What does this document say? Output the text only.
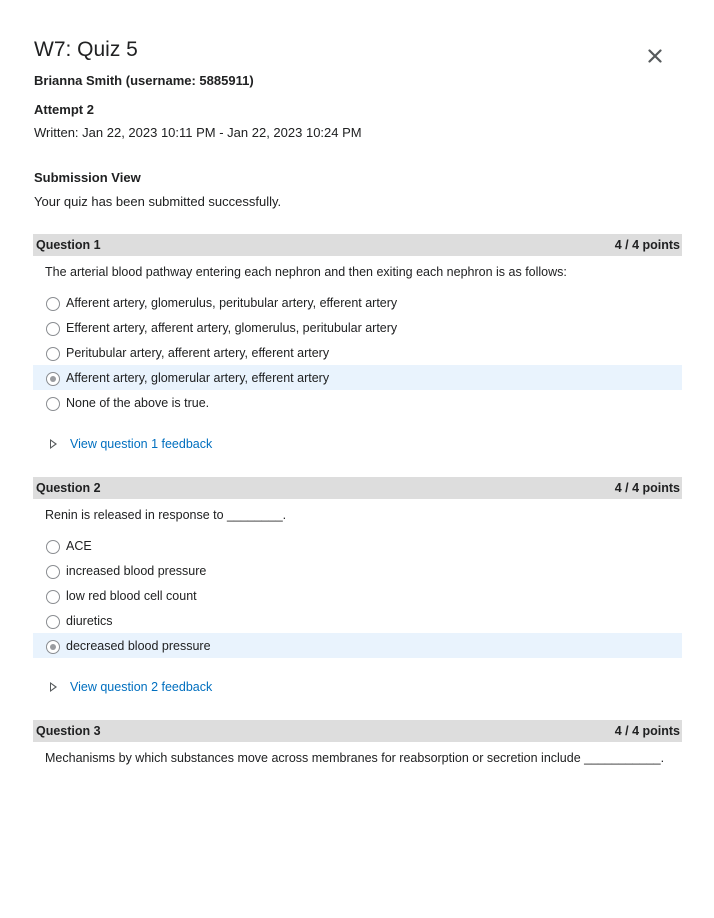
W7: Quiz 5
Brianna Smith (username: 5885911)
Attempt 2
Written: Jan 22, 2023 10:11 PM - Jan 22, 2023 10:24 PM
Submission View
Your quiz has been submitted successfully.
Question 1	4 / 4 points
The arterial blood pathway entering each nephron and then exiting each nephron is as follows:
Afferent artery, glomerulus, peritubular artery, efferent artery
Efferent artery, afferent artery, glomerulus, peritubular artery
Peritubular artery, afferent artery, efferent artery
Afferent artery, glomerular artery, efferent artery
None of the above is true.
View question 1 feedback
Question 2	4 / 4 points
Renin is released in response to ________.
ACE
increased blood pressure
low red blood cell count
diuretics
decreased blood pressure
View question 2 feedback
Question 3	4 / 4 points
Mechanisms by which substances move across membranes for reabsorption or secretion include ___________.
